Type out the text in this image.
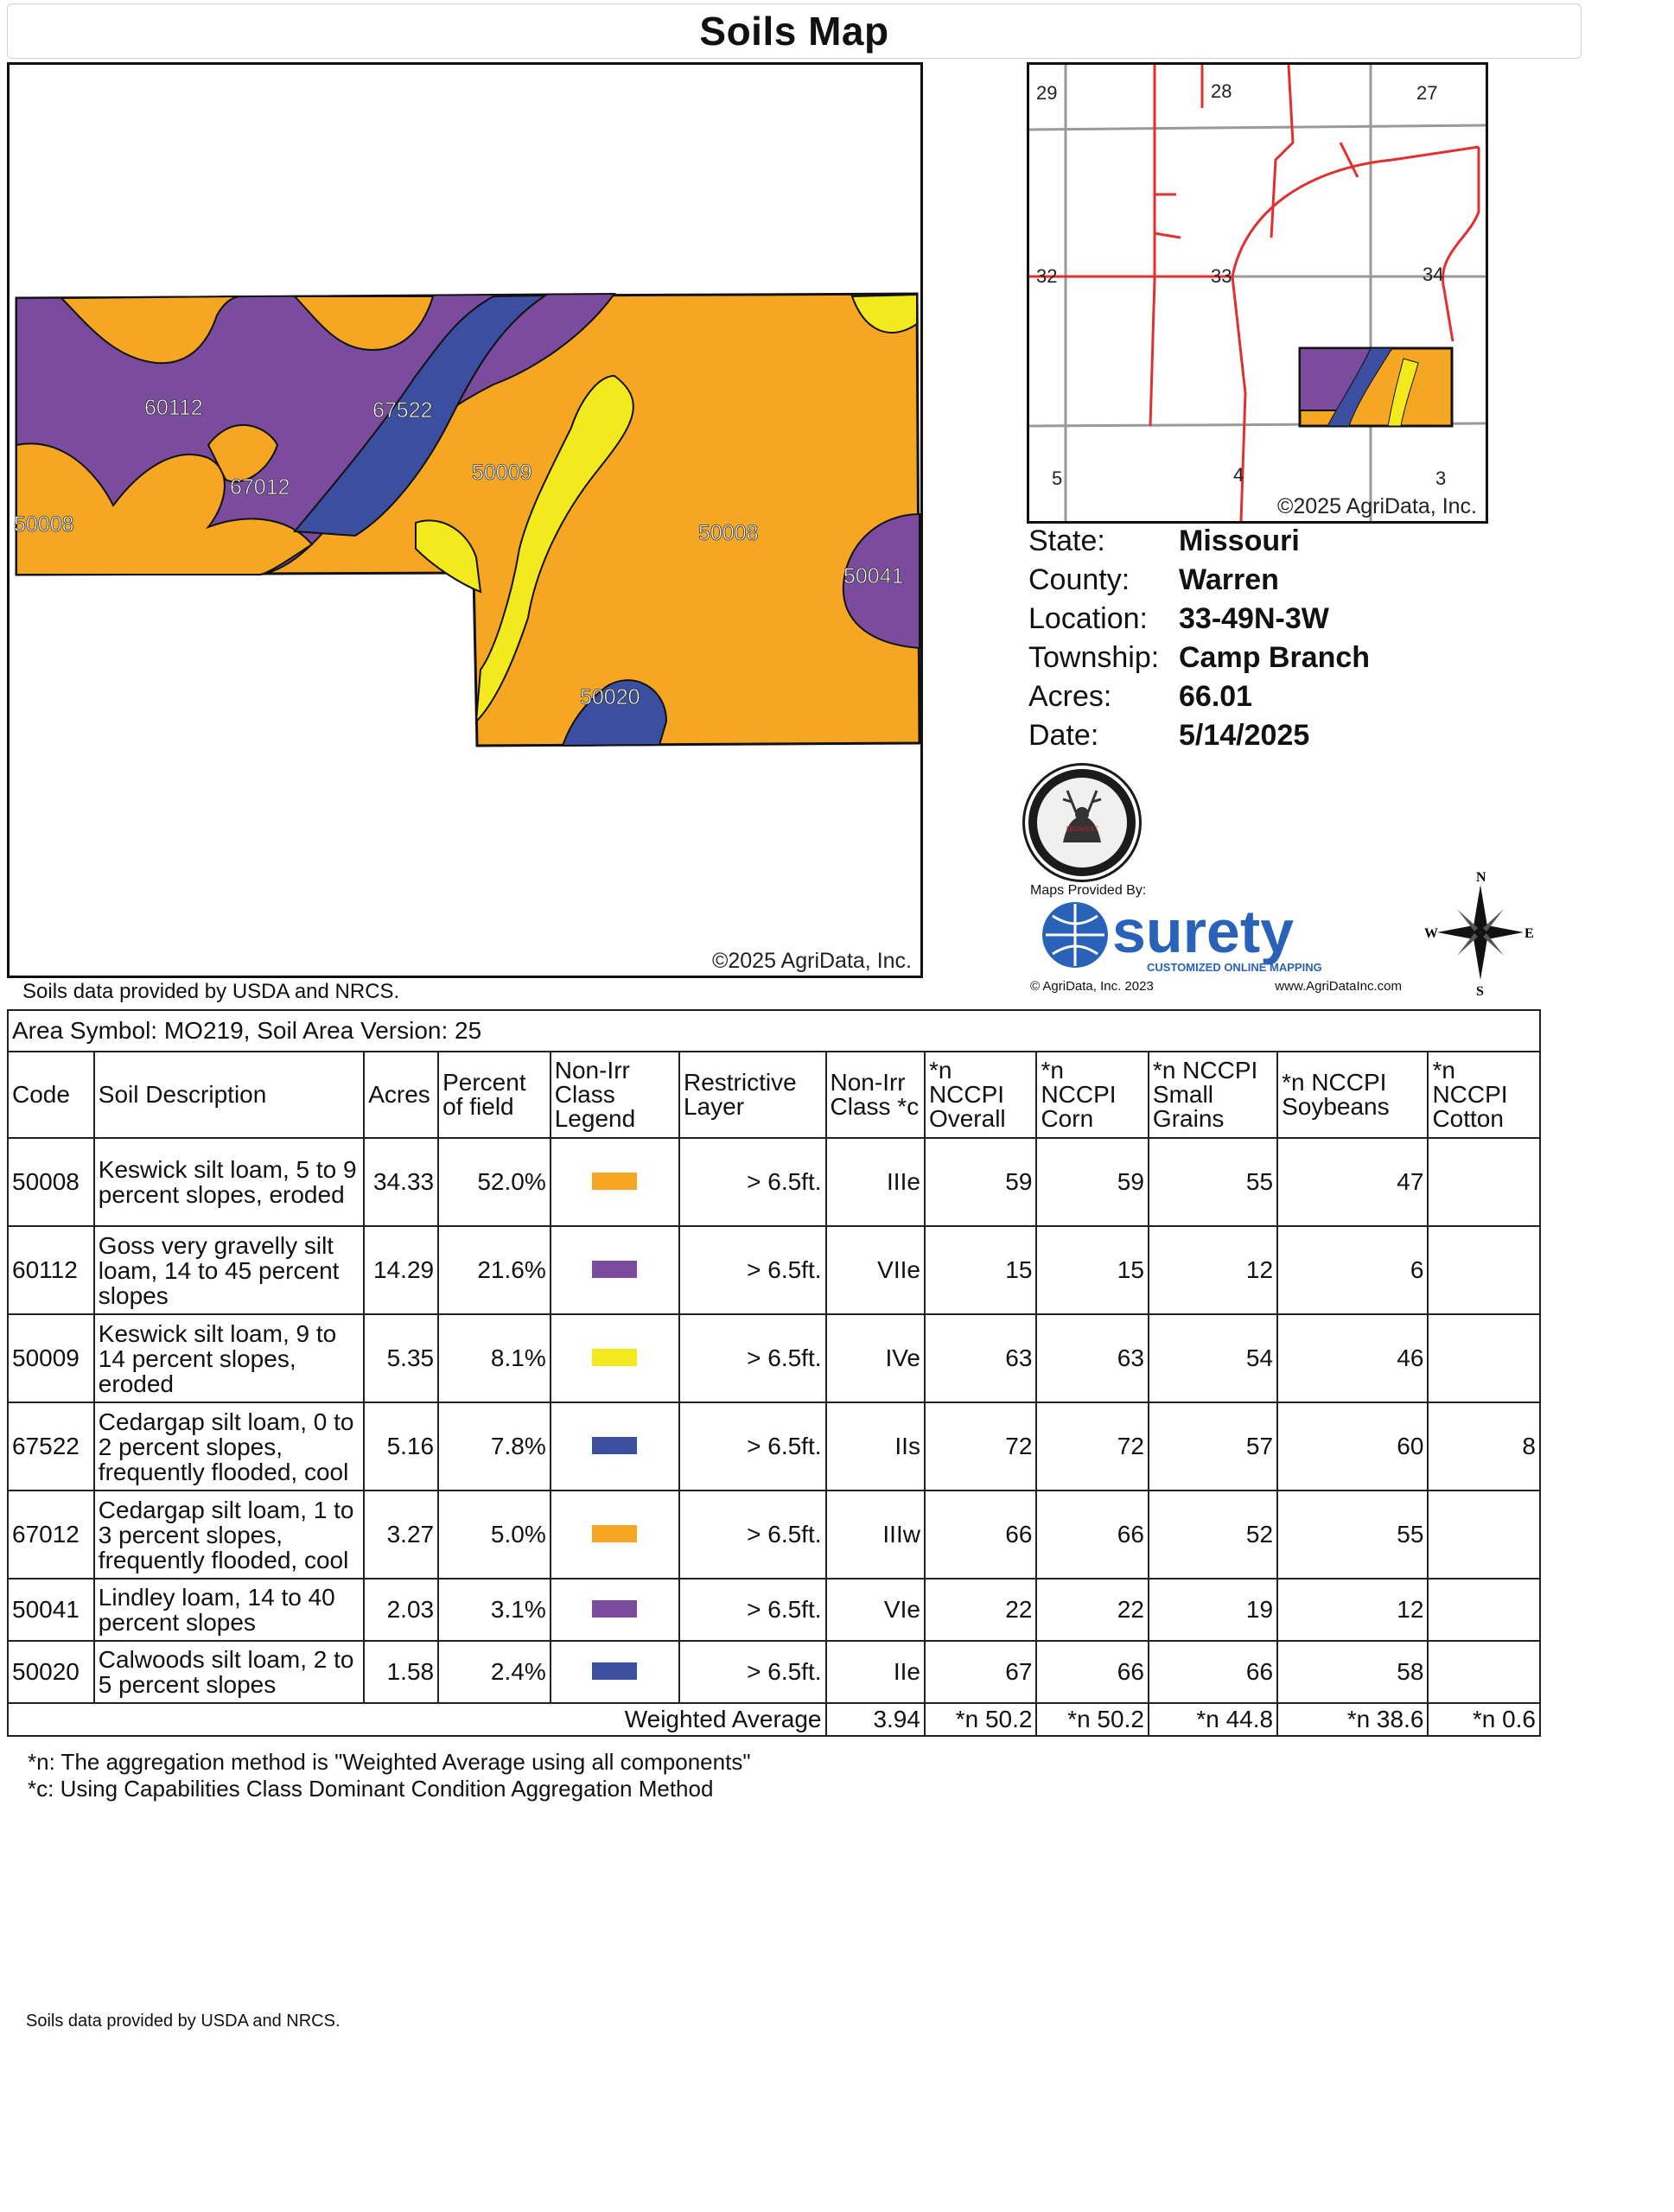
Soils Map
60112	67522
67012
50008
50009
50008
50041
50020
©2025 AgriData, Inc.
Soils data provided by USDA and NRCS.
29	28	27
32	33	34
5	4	3
©2025 AgriData, Inc.
State:	Missouri
County:	Warren
Location:	33-49N-3W
Township: Camp Branch
Acres:	66.01
Date:	5/14/2025
MIDWEST
Maps Provided By:
surety
CUSTOMIZED ONLINE MAPPING
© AgriData, Inc. 2023	www.AgriDataInc.com
N
S
W	E
Area Symbol: MO219, Soil Area Version: 25											
Code	Soil Description	Acres	Percent of field	Non-Irr Class Legend	Restrictive Layer	Non-Irr Class *c	*n NCCPI Overall	*n NCCPI Corn	*n NCCPI Small Grains	*n NCCPI Soybeans	*n NCCPI Cotton
50008	Keswick silt loam, 5 to 9 percent slopes, eroded	34.33	52.0%		> 6.5ft.	IIIe	59	59	55	47	
60112	Goss very gravelly silt loam, 14 to 45 percent slopes	14.29	21.6%		> 6.5ft.	VIIe	15	15	12	6	
50009	Keswick silt loam, 9 to 14 percent slopes, eroded	5.35	8.1%		> 6.5ft.	IVe	63	63	54	46	
67522	Cedargap silt loam, 0 to 2 percent slopes, frequently flooded, cool	5.16	7.8%		> 6.5ft.	IIs	72	72	57	60	8
67012	Cedargap silt loam, 1 to 3 percent slopes, frequently flooded, cool	3.27	5.0%		> 6.5ft.	IIIw	66	66	52	55	
50041	Lindley loam, 14 to 40 percent slopes	2.03	3.1%		> 6.5ft.	VIe	22	22	19	12	
50020	Calwoods silt loam, 2 to 5 percent slopes	1.58	2.4%		> 6.5ft.	IIe	67	66	66	58	
Weighted Average						3.94	*n 50.2	*n 50.2	*n 44.8	*n 38.6	*n 0.6
*n: The aggregation method is "Weighted Average using all components"
*c: Using Capabilities Class Dominant Condition Aggregation Method
Soils data provided by USDA and NRCS.
